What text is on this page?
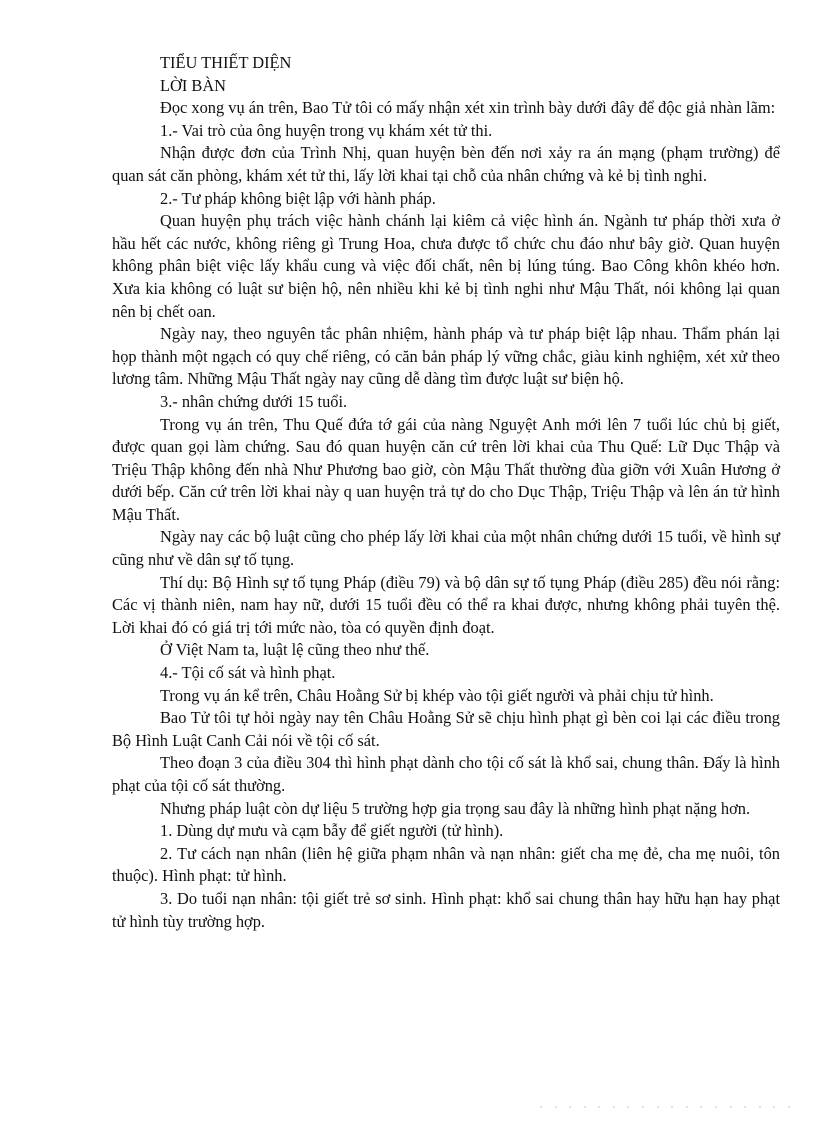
TIỂU THIẾT DIỆN

LỜI BÀN

Đọc xong vụ án trên, Bao Tử tôi có mấy nhận xét xin trình bày dưới đây để độc giả nhàn lãm:

1.- Vai trò của ông huyện trong vụ khám xét tử thi.

Nhận được đơn của Trình Nhị, quan huyện bèn đến nơi xảy ra án mạng (phạm trường) để quan sát căn phòng, khám xét tử thi, lấy lời khai tại chỗ của nhân chứng và kẻ bị tình nghi.

2.- Tư pháp không biệt lập với hành pháp.

Quan huyện phụ trách việc hành chánh lại kiêm cả việc hình án. Ngành tư pháp thời xưa ở hầu hết các nước, không riêng gì Trung Hoa, chưa được tổ chức chu đáo như bây giờ. Quan huyện không phân biệt việc lấy khẩu cung và việc đối chất, nên bị lúng túng. Bao Công khôn khéo hơn. Xưa kia không có luật sư biện hộ, nên nhiều khi kẻ bị tình nghi như Mậu Thất, nói không lại quan nên bị chết oan.

Ngày nay, theo nguyên tắc phân nhiệm, hành pháp và tư pháp biệt lập nhau. Thẩm phán lại họp thành một ngạch có quy chế riêng, có căn bản pháp lý vững chắc, giàu kinh nghiệm, xét xử theo lương tâm. Những Mậu Thất ngày nay cũng dễ dàng tìm được luật sư biện hộ.

3.- nhân chứng dưới 15 tuổi.

Trong vụ án trên, Thu Quế đứa tớ gái của nàng Nguyệt Anh mới lên 7 tuổi lúc chủ bị giết, được quan gọi làm chứng. Sau đó quan huyện căn cứ trên lời khai của Thu Quế: Lữ Dục Thập và Triệu Thập không đến nhà Như Phương bao giờ, còn Mậu Thất thường đùa giỡn với Xuân Hương ở dưới bếp. Căn cứ trên lời khai này q uan huyện trả tự do cho Dục Thập, Triệu Thập và lên án tử hình Mậu Thất.

Ngày nay các bộ luật cũng cho phép lấy lời khai của một nhân chứng dưới 15 tuổi, về hình sự cũng như về dân sự tố tụng.

Thí dụ: Bộ Hình sự tố tụng Pháp (điều 79) và bộ dân sự tố tụng Pháp (điều 285) đều nói rằng: Các vị thành niên, nam hay nữ, dưới 15 tuổi đều có thể ra khai được, nhưng không phải tuyên thệ. Lời khai đó có giá trị tới mức nào, tòa có quyền định đoạt.

Ở Việt Nam ta, luật lệ cũng theo như thế.

4.- Tội cố sát và hình phạt.

Trong vụ án kể trên, Châu Hoằng Sử bị khép vào tội giết người và phải chịu tử hình.

Bao Tử tôi tự hỏi ngày nay tên Châu Hoằng Sử sẽ chịu hình phạt gì bèn coi lại các điều trong Bộ Hình Luật Canh Cải nói về tội cố sát.

Theo đoạn 3 của điều 304 thì hình phạt dành cho tội cố sát là khổ sai, chung thân. Đấy là hình phạt của tội cố sát thường.

Nhưng pháp luật còn dự liệu 5 trường hợp gia trọng sau đây là những hình phạt nặng hơn.

1. Dùng dự mưu và cạm bẫy để giết người (tử hình).

2. Tư cách nạn nhân (liên hệ giữa phạm nhân và nạn nhân: giết cha mẹ đẻ, cha mẹ nuôi, tôn thuộc). Hình phạt: tử hình.

3. Do tuổi nạn nhân: tội giết trẻ sơ sinh. Hình phạt: khổ sai chung thân hay hữu hạn hay phạt tử hình tùy trường hợp.
